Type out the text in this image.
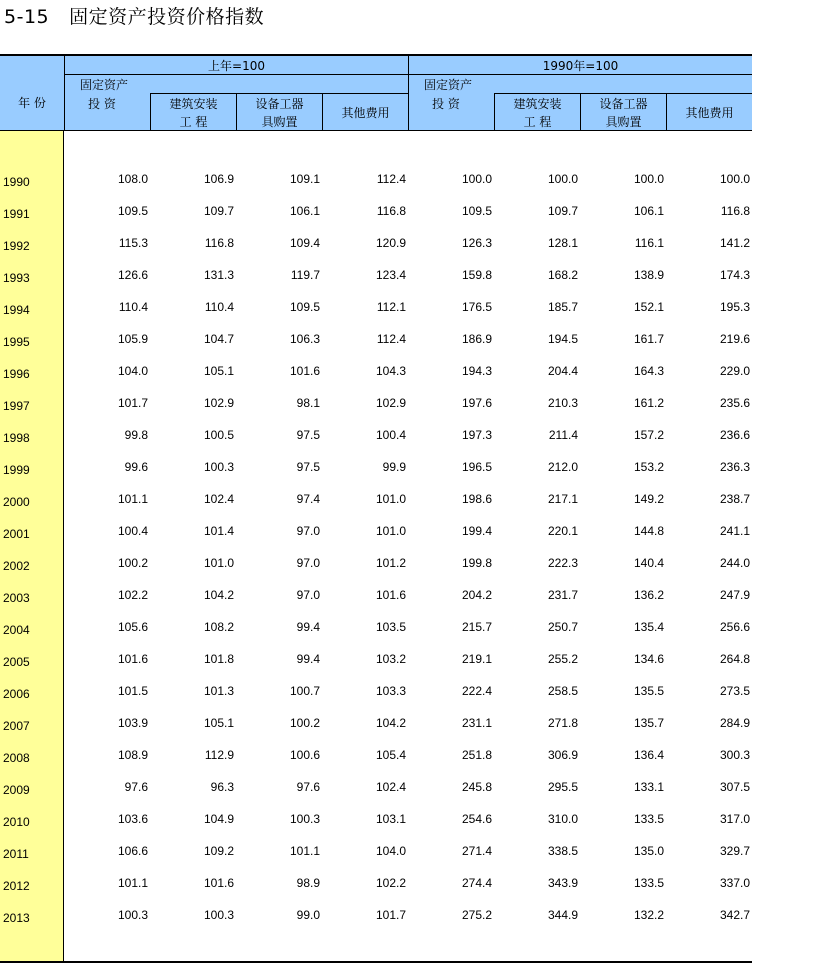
5-15 固定资产投资价格指数
年 份
上年=100	1990年=100
固定资产
投 资	建筑安装
工 程
设备工器
具购置
其他费用
固定资产
投 资	建筑安装
工 程
设备工器
具购置
其他费用
1990	108.0	106.9	109.1	112.4	100.0	100.0	100.0	100.0
1991	109.5	109.7	106.1	116.8	109.5	109.7	106.1	116.8
1992	115.3	116.8	109.4	120.9	126.3	128.1	116.1	141.2
1993	126.6	131.3	119.7	123.4	159.8	168.2	138.9	174.3
1994	110.4	110.4	109.5	112.1	176.5	185.7	152.1	195.3
1995	105.9	104.7	106.3	112.4	186.9	194.5	161.7	219.6
1996	104.0	105.1	101.6	104.3	194.3	204.4	164.3	229.0
1997	101.7	102.9	98.1	102.9	197.6	210.3	161.2	235.6
1998	99.8	100.5	97.5	100.4	197.3	211.4	157.2	236.6
1999	99.6	100.3	97.5	99.9	196.5	212.0	153.2	236.3
2000	101.1	102.4	97.4	101.0	198.6	217.1	149.2	238.7
2001	100.4	101.4	97.0	101.0	199.4	220.1	144.8	241.1
2002	100.2	101.0	97.0	101.2	199.8	222.3	140.4	244.0
2003	102.2	104.2	97.0	101.6	204.2	231.7	136.2	247.9
2004	105.6	108.2	99.4	103.5	215.7	250.7	135.4	256.6
2005	101.6	101.8	99.4	103.2	219.1	255.2	134.6	264.8
2006	101.5	101.3	100.7	103.3	222.4	258.5	135.5	273.5
2007	103.9	105.1	100.2	104.2	231.1	271.8	135.7	284.9
2008	108.9	112.9	100.6	105.4	251.8	306.9	136.4	300.3
2009	97.6	96.3	97.6	102.4	245.8	295.5	133.1	307.5
2010	103.6	104.9	100.3	103.1	254.6	310.0	133.5	317.0
2011	106.6	109.2	101.1	104.0	271.4	338.5	135.0	329.7
2012	101.1	101.6	98.9	102.2	274.4	343.9	133.5	337.0
2013	100.3	100.3	99.0	101.7	275.2	344.9	132.2	342.7
